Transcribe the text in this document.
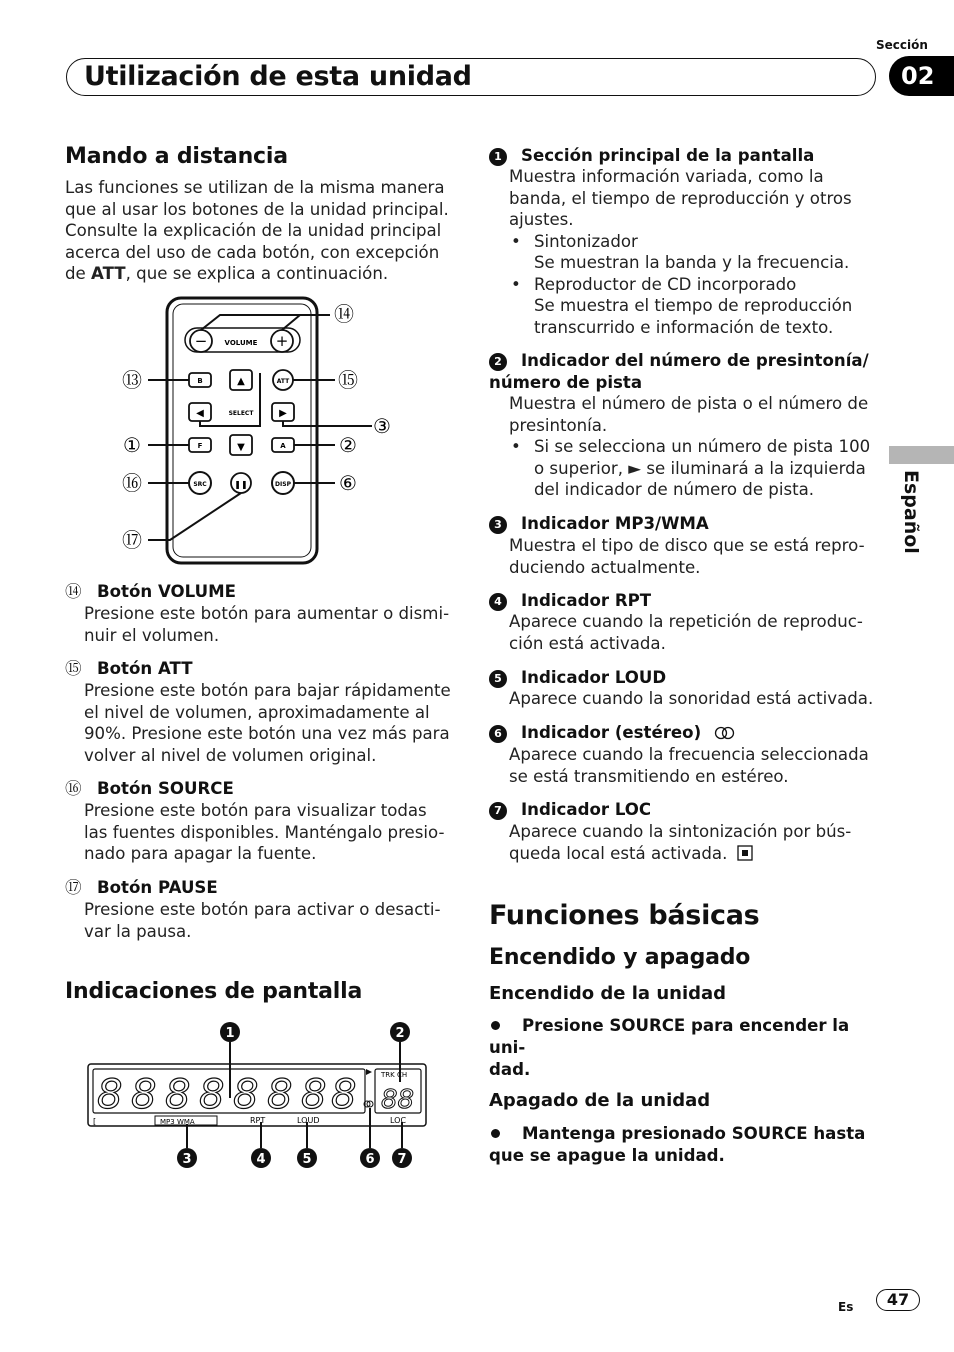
Sección
Utilización de esta unidad	02
Español
Mando a distancia
Las funciones se utilizan de la misma manera
que al usar los botones de la unidad principal.
Consulte la explicación de la unidad principal
acerca del uso de cada botón, con excepción
de ATT, que se explica a continuación.
−	+
VOLUME
B	▲	ATT
◀	SELECT	▶
F	▼	A
SRC	❚❚	DISP
⑭
⑬	⑮
③
①	②
⑯	⑥
⑰
⑭ Botón VOLUME
Presione este botón para aumentar o dismi-
nuir el volumen.
⑮ Botón ATT
Presione este botón para bajar rápidamente
el nivel de volumen, aproximadamente al
90%. Presione este botón una vez más para
volver al nivel de volumen original.
⑯ Botón SOURCE
Presione este botón para visualizar todas
las fuentes disponibles. Manténgalo presio-
nado para apagar la fuente.
⑰ Botón PAUSE
Presione este botón para activar o desacti-
var la pausa.
Indicaciones de pantalla
8 8 8 8 8 8 8 8	TRK CH
88
[	MP3 WMA	RPT	LOUD	LOC
1	2
3	4	5	6 7
1 Sección principal de la pantalla
Muestra información variada, como la
banda, el tiempo de reproducción y otros
ajustes.
• Sintonizador
Se muestran la banda y la frecuencia.
• Reproductor de CD incorporado
Se muestra el tiempo de reproducción
transcurrido e información de texto.
2 Indicador del número de presintonía/
número de pista
Muestra el número de pista o el número de
presintonía.
• Si se selecciona un número de pista 100
o superior, ► se iluminará a la izquierda
del indicador de número de pista.
3 Indicador MP3/WMA
Muestra el tipo de disco que se está repro-
duciendo actualmente.
4 Indicador RPT
Aparece cuando la repetición de reproduc-
ción está activada.
5 Indicador LOUD
Aparece cuando la sonoridad está activada.
6 Indicador (estéreo)
Aparece cuando la frecuencia seleccionada
se está transmitiendo en estéreo.
7 Indicador LOC
Aparece cuando la sintonización por bús-
queda local está activada.
Funciones básicas
Encendido y apagado
Encendido de la unidad
Presione SOURCE para encender la uni-
dad.
Apagado de la unidad
Mantenga presionado SOURCE hasta
que se apague la unidad.
Es	47
